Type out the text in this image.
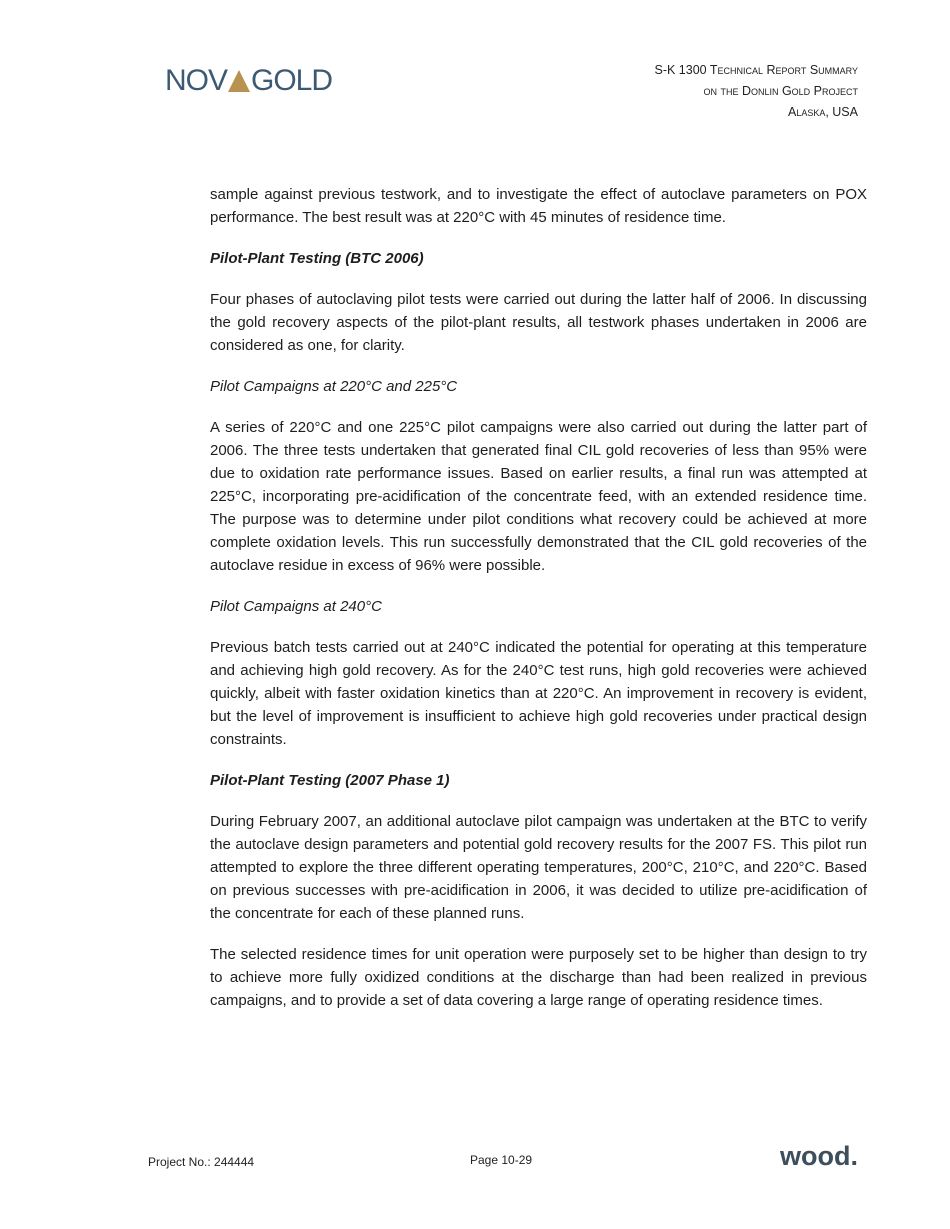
NOV GOLD	S-K 1300 Technical Report Summary
on the Donlin Gold Project
Alaska, USA

sample against previous testwork, and to investigate the effect of autoclave parameters on POX performance. The best result was at 220°C with 45 minutes of residence time.

Pilot-Plant Testing (BTC 2006)

Four phases of autoclaving pilot tests were carried out during the latter half of 2006. In discussing the gold recovery aspects of the pilot-plant results, all testwork phases undertaken in 2006 are considered as one, for clarity.

Pilot Campaigns at 220°C and 225°C

A series of 220°C and one 225°C pilot campaigns were also carried out during the latter part of 2006. The three tests undertaken that generated final CIL gold recoveries of less than 95% were due to oxidation rate performance issues. Based on earlier results, a final run was attempted at 225°C, incorporating pre-acidification of the concentrate feed, with an extended residence time. The purpose was to determine under pilot conditions what recovery could be achieved at more complete oxidation levels. This run successfully demonstrated that the CIL gold recoveries of the autoclave residue in excess of 96% were possible.

Pilot Campaigns at 240°C

Previous batch tests carried out at 240°C indicated the potential for operating at this temperature and achieving high gold recovery. As for the 240°C test runs, high gold recoveries were achieved quickly, albeit with faster oxidation kinetics than at 220°C. An improvement in recovery is evident, but the level of improvement is insufficient to achieve high gold recoveries under practical design constraints.

Pilot-Plant Testing (2007 Phase 1)

During February 2007, an additional autoclave pilot campaign was undertaken at the BTC to verify the autoclave design parameters and potential gold recovery results for the 2007 FS. This pilot run attempted to explore the three different operating temperatures, 200°C, 210°C, and 220°C. Based on previous successes with pre-acidification in 2006, it was decided to utilize pre-acidification of the concentrate for each of these planned runs.

The selected residence times for unit operation were purposely set to be higher than design to try to achieve more fully oxidized conditions at the discharge than had been realized in previous campaigns, and to provide a set of data covering a large range of operating residence times.

Project No.: 244444	Page 10-29	wood.
